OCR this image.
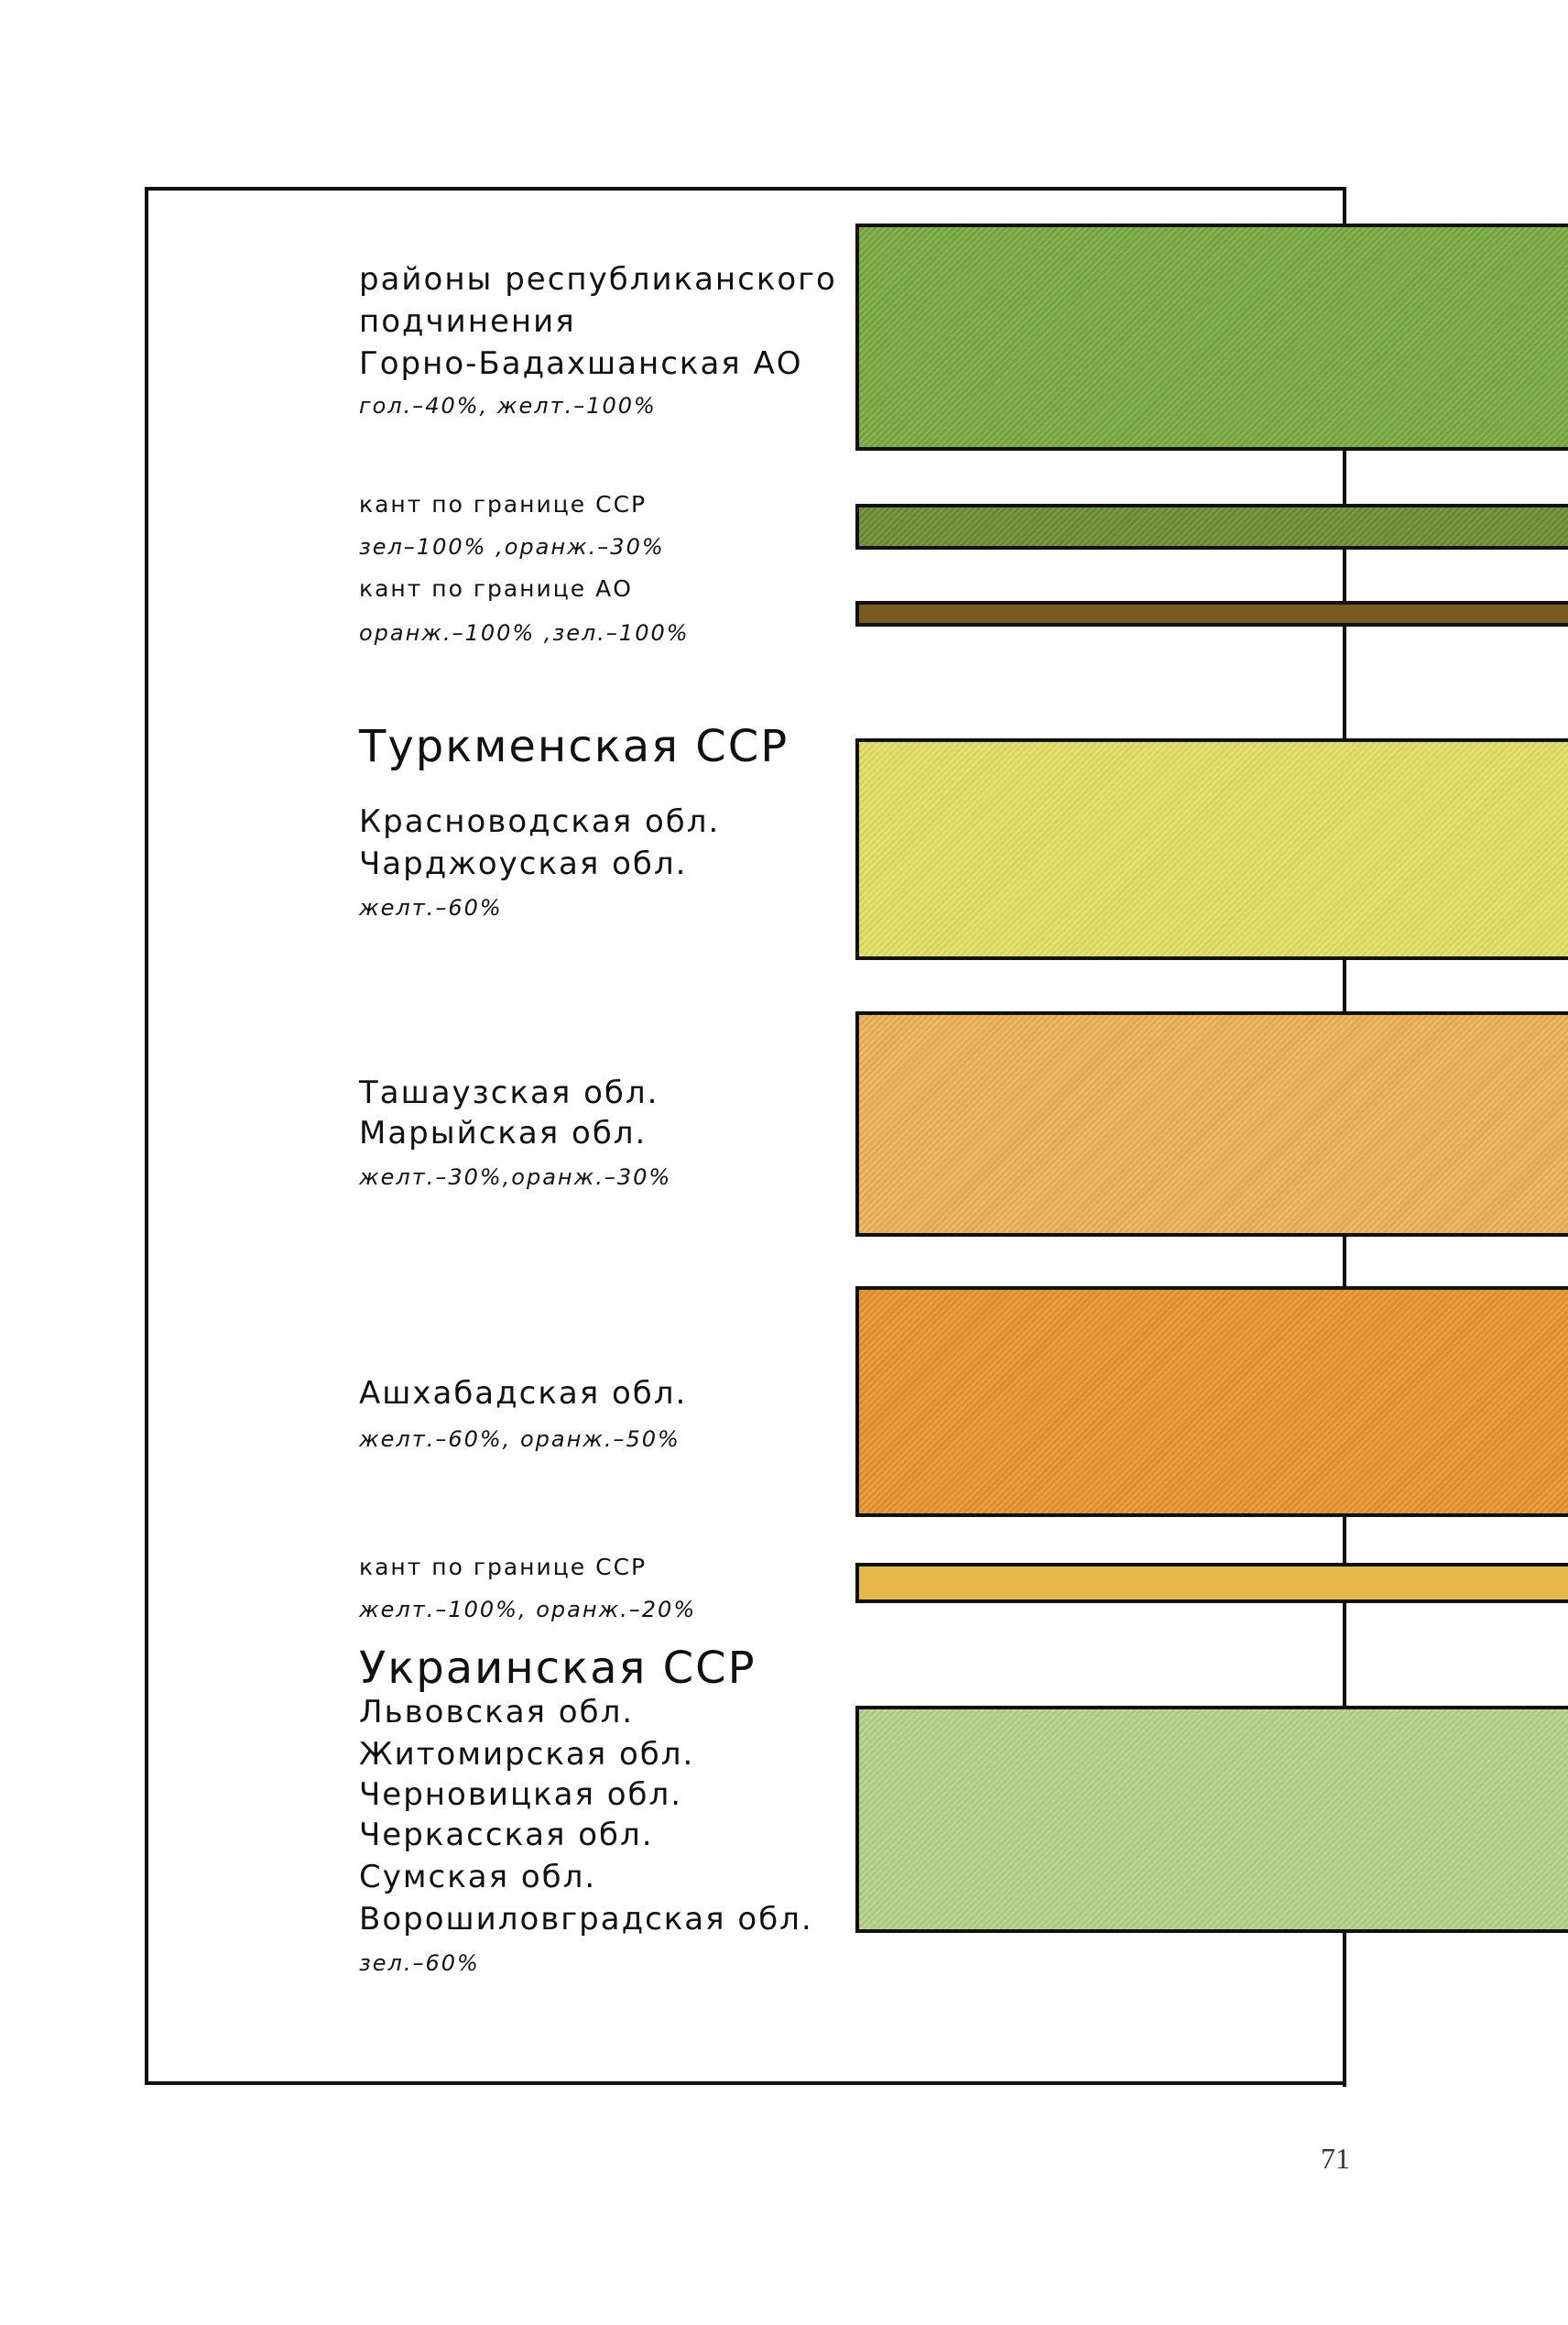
районы республиканского
подчинения
Горно-Бадахшанская АО
гол.–40%, желт.–100%
кант по границе ССР
зел–100% ,оранж.–30%
кант по границе АО
оранж.–100% ,зел.–100%
Туркменская ССР
Красноводская обл.
Чарджоуская обл.
желт.–60%
Ташаузская обл.
Марыйская обл.
желт.–30%,оранж.–30%
Ашхабадская обл.
желт.–60%, оранж.–50%
кант по границе ССР
желт.–100%, оранж.–20%
Украинская ССР
Львовская обл.
Житомирская обл.
Черновицкая обл.
Черкасская обл.
Сумская обл.
Ворошиловградская обл.
зел.–60%
71
